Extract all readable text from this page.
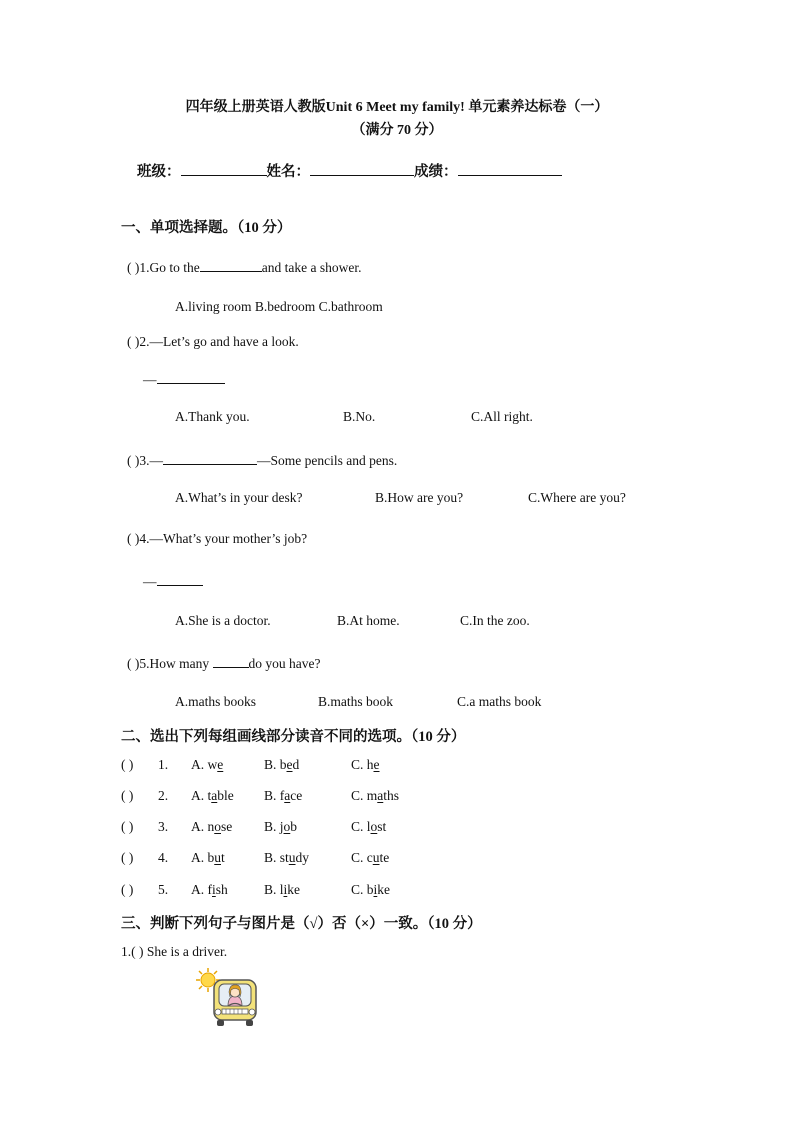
四年级上册英语人教版Unit 6 Meet my family! 单元素养达标卷（一）
（满分 70 分）
班级：	姓名：	成绩：
一、单项选择题。（10 分）
( )1.Go to the	and take a shower.
A.living room B.bedroom C.bathroom
( )2.—Let’s go and have a look.
—
A.Thank you.	B.No.	C.All right.
( )3.—	—Some pencils and pens.
A.What’s in your desk?	B.How are you?	C.Where are you?
( )4.—What’s your mother’s job?
—
A.She is a doctor.	B.At home.	C.In the zoo.
( )5.How many	do you have?
A.maths books	B.maths book	C.a maths book
二、选出下列每组画线部分读音不同的选项。（10 分）
( ) 1. A. we	B. bed	C. he
( ) 2. A. table B. face	C. maths
( ) 3. A. nose B. job	C. lost
( ) 4. A. but	B. study	C. cute
( ) 5. A. fish	B. like	C. bike
三、判断下列句子与图片是（√）否（×）一致。（10 分）
1.( ) She is a driver.
